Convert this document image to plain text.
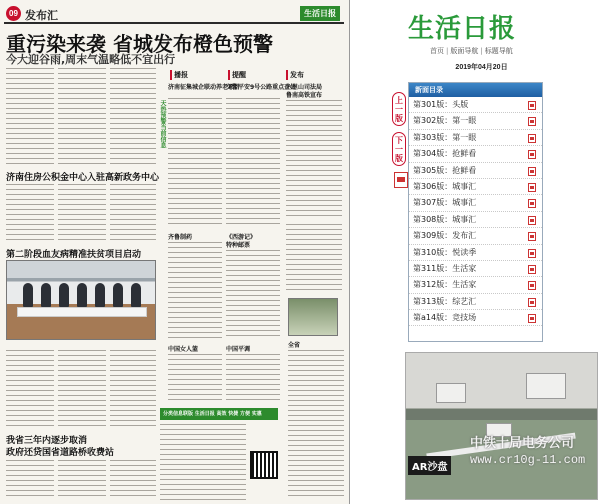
09 发布汇	生活日报
重污染来袭 省城发布橙色预警
今大迎谷雨,周末气温略低不宜出行
天热预警当前信息
济南住房公积金中心入驻高新政务中心
第二阶段血友病精准扶贫项目启动
我省三年内逐步取消
政府还贷国省道路桥收费站
播报	提醒	发布
济南征集城企联动养老项目
交警平安9号公路重点查处
六里山司法局
鲁南高铁宣布
《西游记》
特种邮票
齐鲁制药
中国平调
中国女人篮
全省
分类信息联版 生活日报 高效 快捷 方便 实惠
生活日报
首页 | 版面导航 | 标题导航
2019年04月20日
上一版
下一版
新面目录
第301版：头版
第302版：第一眼
第303版：第一眼
第304版：抢鲜看
第305版：抢鲜看
第306版：城事汇
第307版：城事汇
第308版：城事汇
第309版：发布汇
第310版：悦读季
第311版：生活家
第312版：生活家
第313版：综艺汇
第a14版：竞技场
AR沙盘
中铁十局电务公司
www.cr10g-11.com
